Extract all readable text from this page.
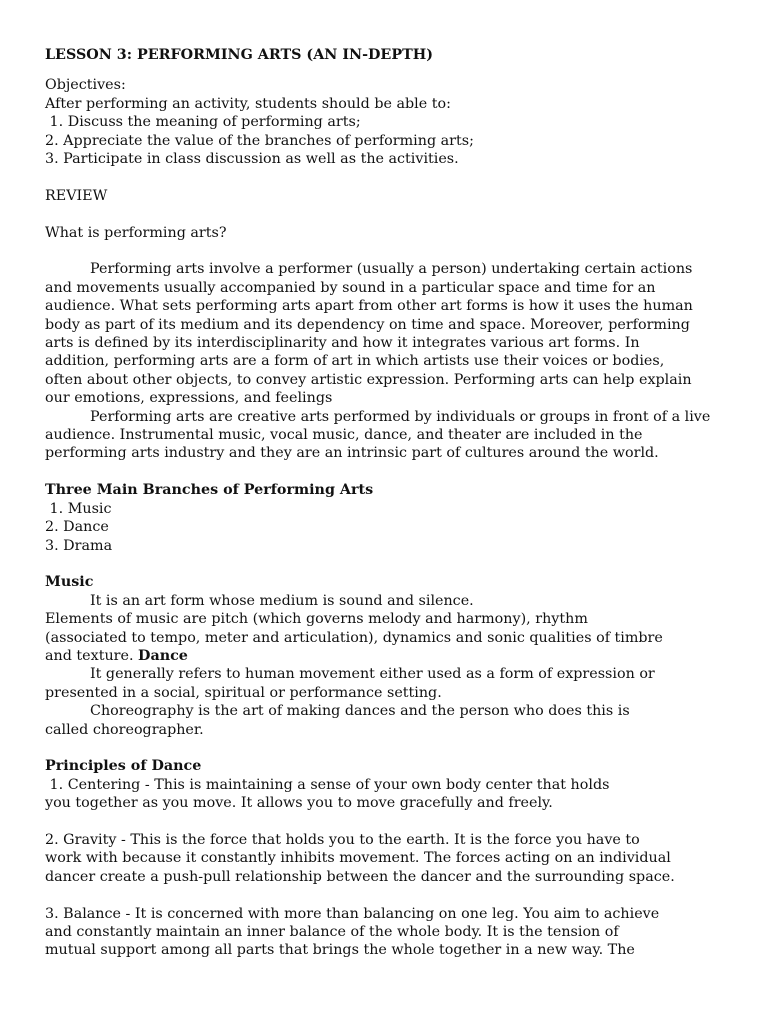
LESSON 3: PERFORMING ARTS (AN IN-DEPTH)
Objectives:
After performing an activity, students should be able to:
1. Discuss the meaning of performing arts;
2. Appreciate the value of the branches of performing arts;
3. Participate in class discussion as well as the activities.
REVIEW
What is performing arts?
Performing arts involve a performer (usually a person) undertaking certain actions
and movements usually accompanied by sound in a particular space and time for an
audience. What sets performing arts apart from other art forms is how it uses the human
body as part of its medium and its dependency on time and space. Moreover, performing
arts is defined by its interdisciplinarity and how it integrates various art forms. In
addition, performing arts are a form of art in which artists use their voices or bodies,
often about other objects, to convey artistic expression. Performing arts can help explain
our emotions, expressions, and feelings
Performing arts are creative arts performed by individuals or groups in front of a live
audience. Instrumental music, vocal music, dance, and theater are included in the
performing arts industry and they are an intrinsic part of cultures around the world.
Three Main Branches of Performing Arts
1. Music
2. Dance
3. Drama
Music
It is an art form whose medium is sound and silence.
Elements of music are pitch (which governs melody and harmony), rhythm
(associated to tempo, meter and articulation), dynamics and sonic qualities of timbre
and texture. Dance
It generally refers to human movement either used as a form of expression or
presented in a social, spiritual or performance setting.
Choreography is the art of making dances and the person who does this is
called choreographer.
Principles of Dance
1. Centering - This is maintaining a sense of your own body center that holds
you together as you move. It allows you to move gracefully and freely.
2. Gravity - This is the force that holds you to the earth. It is the force you have to
work with because it constantly inhibits movement. The forces acting on an individual
dancer create a push-pull relationship between the dancer and the surrounding space.
3. Balance - It is concerned with more than balancing on one leg. You aim to achieve
and constantly maintain an inner balance of the whole body. It is the tension of
mutual support among all parts that brings the whole together in a new way. The
